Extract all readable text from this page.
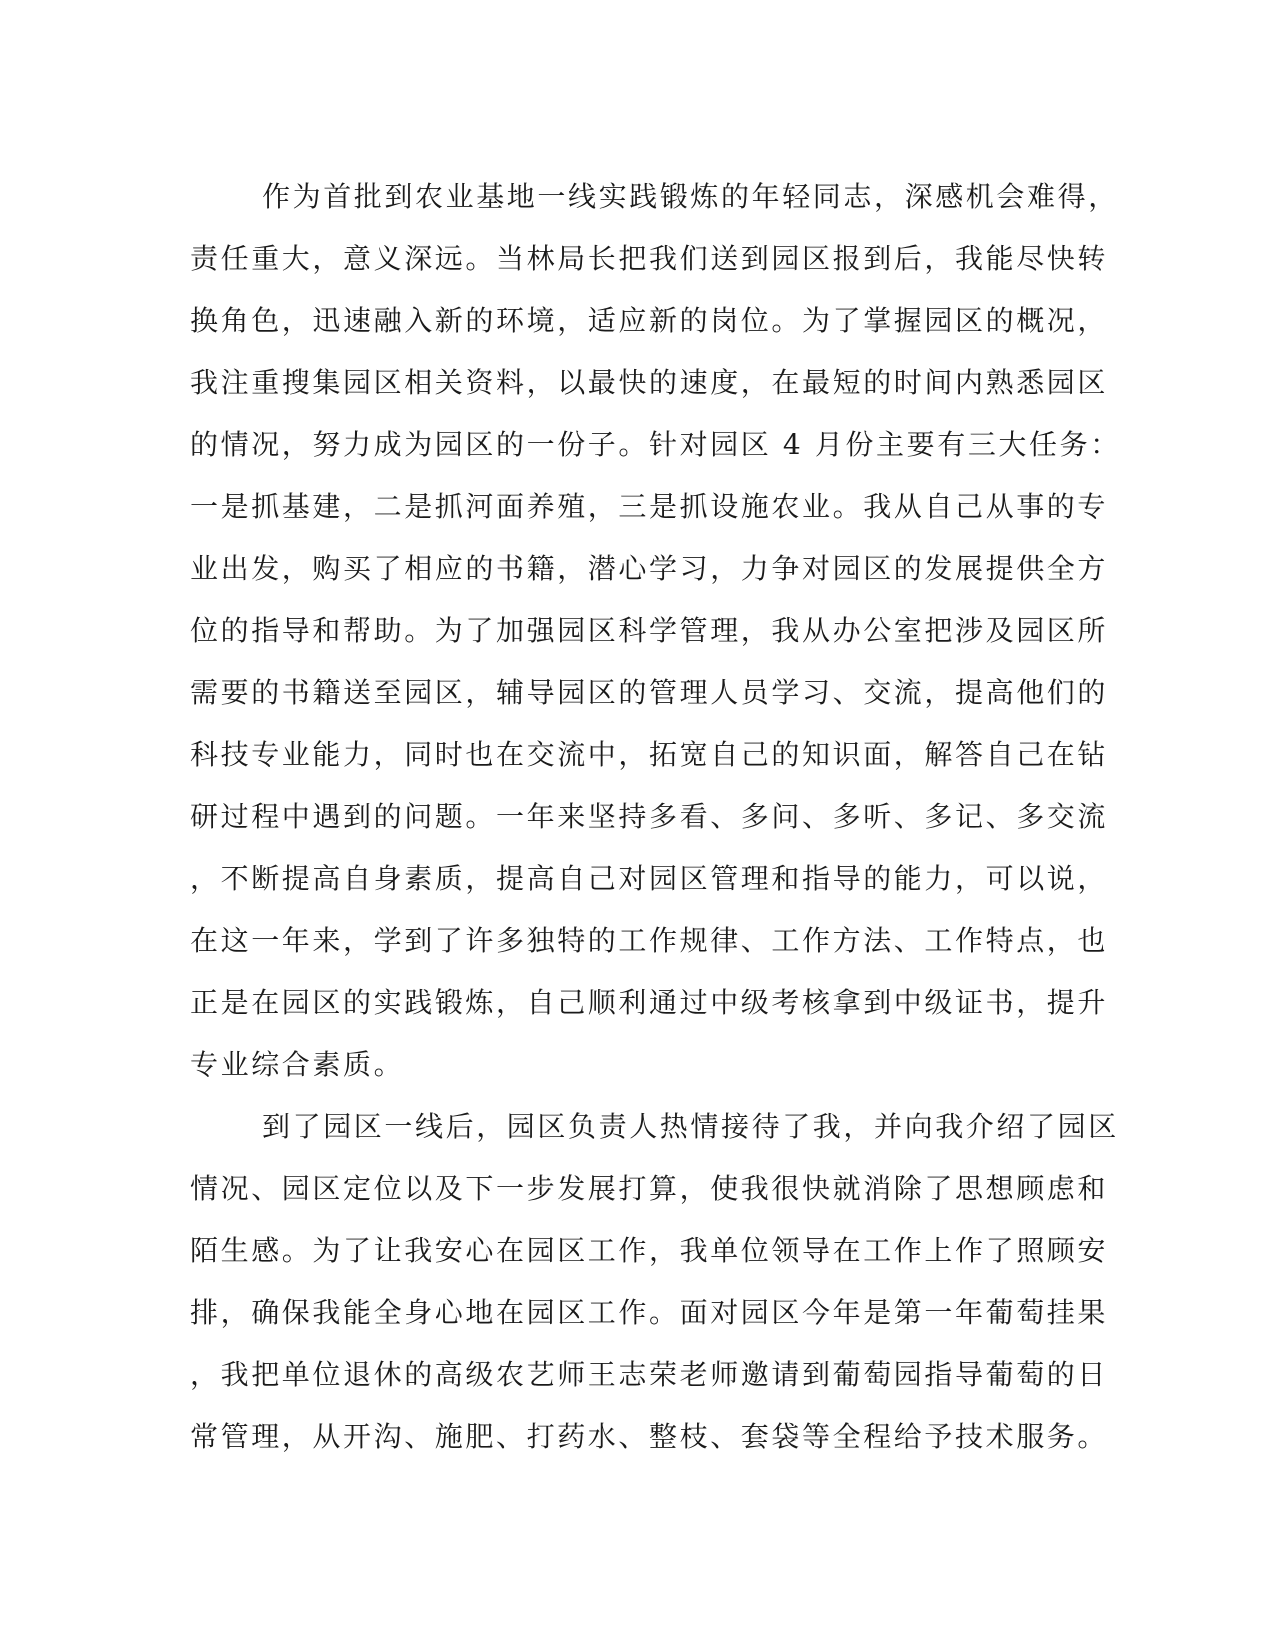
作为首批到农业基地一线实践锻炼的年轻同志，深感机会难得，
责任重大，意义深远。当林局长把我们送到园区报到后，我能尽快转
换角色，迅速融入新的环境，适应新的岗位。为了掌握园区的概况，
我注重搜集园区相关资料，以最快的速度，在最短的时间内熟悉园区
的情况，努力成为园区的一份子。针对园区 4 月份主要有三大任务：
一是抓基建，二是抓河面养殖，三是抓设施农业。我从自己从事的专
业出发，购买了相应的书籍，潜心学习，力争对园区的发展提供全方
位的指导和帮助。为了加强园区科学管理，我从办公室把涉及园区所
需要的书籍送至园区，辅导园区的管理人员学习、交流，提高他们的
科技专业能力，同时也在交流中，拓宽自己的知识面，解答自己在钻
研过程中遇到的问题。一年来坚持多看、多问、多听、多记、多交流
，不断提高自身素质，提高自己对园区管理和指导的能力，可以说，
在这一年来，学到了许多独特的工作规律、工作方法、工作特点，也
正是在园区的实践锻炼，自己顺利通过中级考核拿到中级证书，提升
专业综合素质。
到了园区一线后，园区负责人热情接待了我，并向我介绍了园区
情况、园区定位以及下一步发展打算，使我很快就消除了思想顾虑和
陌生感。为了让我安心在园区工作，我单位领导在工作上作了照顾安
排，确保我能全身心地在园区工作。面对园区今年是第一年葡萄挂果
，我把单位退休的高级农艺师王志荣老师邀请到葡萄园指导葡萄的日
常管理，从开沟、施肥、打药水、整枝、套袋等全程给予技术服务。
